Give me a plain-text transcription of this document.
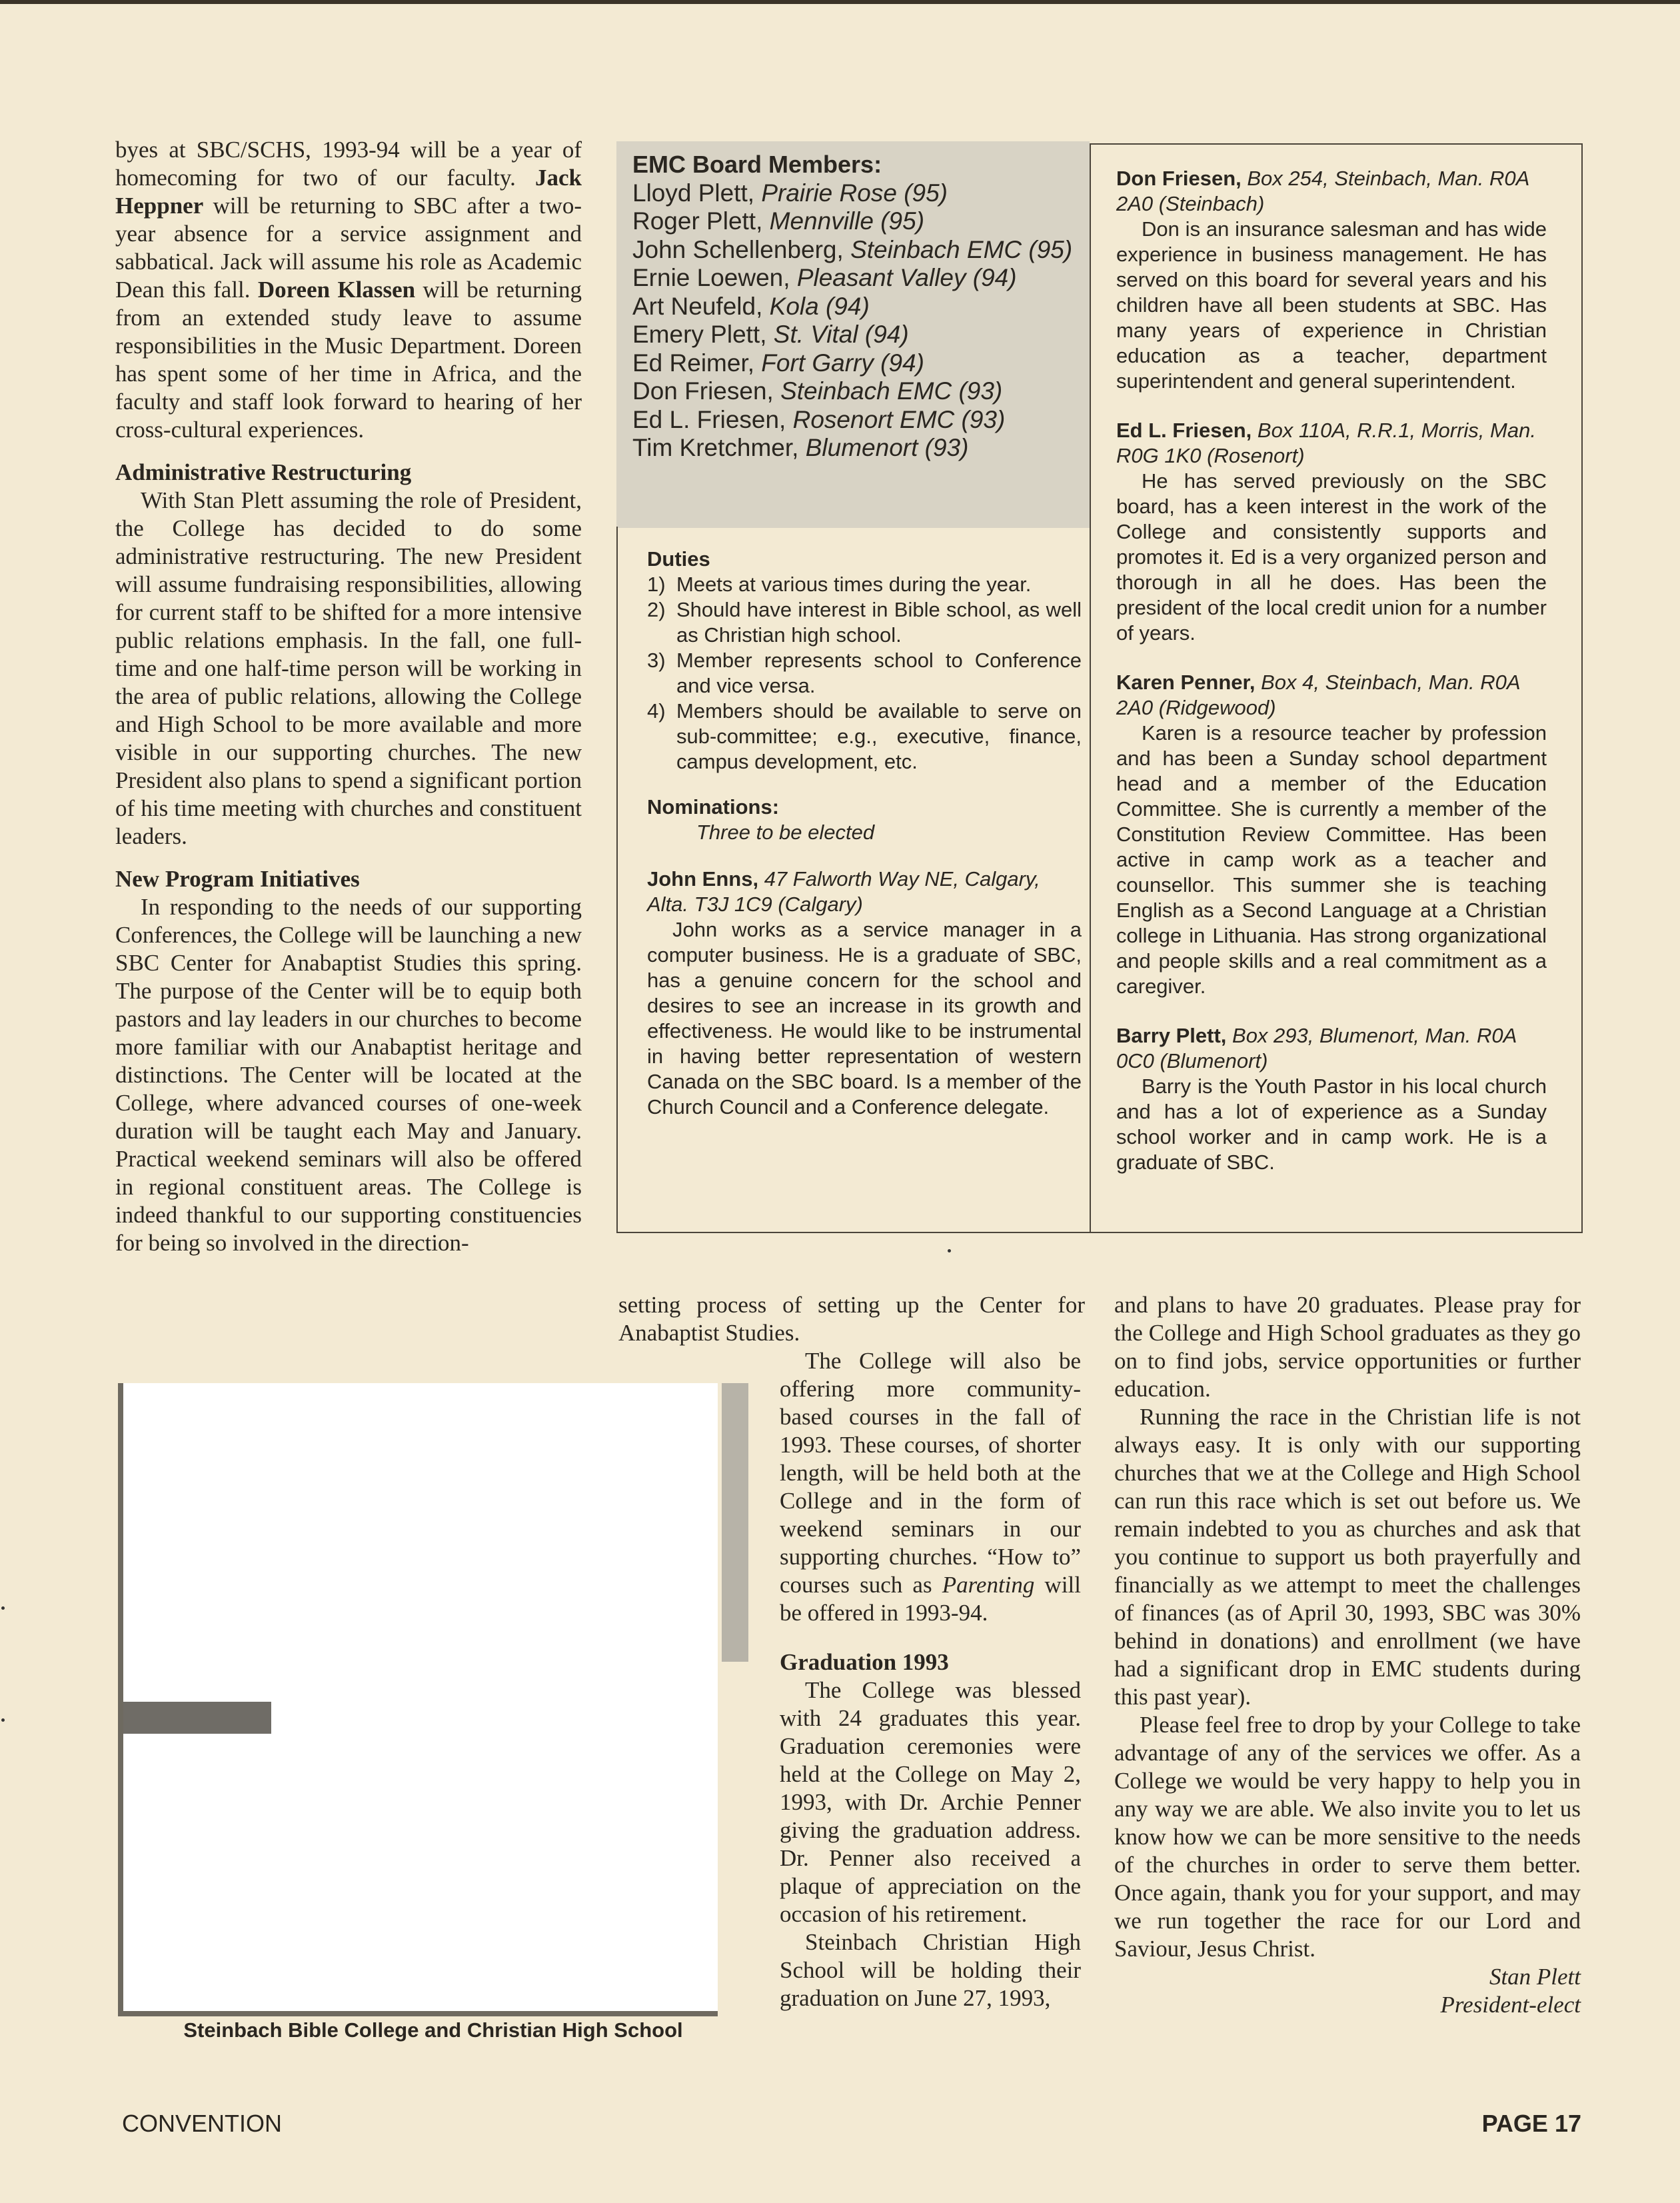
byes at SBC/SCHS, 1993-94 will be a year of homecoming for two of our faculty. Jack Heppner will be returning to SBC after a two-year absence for a service assignment and sabbatical. Jack will assume his role as Academic Dean this fall. Doreen Klassen will be returning from an extended study leave to assume responsibilities in the Music Department. Doreen has spent some of her time in Africa, and the faculty and staff look forward to hearing of her cross-cultural experiences.

Administrative Restructuring

With Stan Plett assuming the role of President, the College has decided to do some administrative restructuring. The new President will assume fundraising responsibilities, allowing for current staff to be shifted for a more intensive public relations emphasis. In the fall, one full-time and one half-time person will be working in the area of public relations, allowing the College and High School to be more available and more visible in our supporting churches. The new President also plans to spend a significant portion of his time meeting with churches and constituent leaders.

New Program Initiatives

In responding to the needs of our supporting Conferences, the College will be launching a new SBC Center for Anabaptist Studies this spring. The purpose of the Center will be to equip both pastors and lay leaders in our churches to become more familiar with our Anabaptist heritage and distinctions. The Center will be located at the College, where advanced courses of one-week duration will be taught each May and January. Practical weekend seminars will also be offered in regional constituent areas. The College is indeed thankful to our supporting constituencies for being so involved in the direction-

EMC Board Members:
Lloyd Plett, Prairie Rose (95)
Roger Plett, Mennville (95)
John Schellenberg, Steinbach EMC (95)
Ernie Loewen, Pleasant Valley (94)
Art Neufeld, Kola (94)
Emery Plett, St. Vital (94)
Ed Reimer, Fort Garry (94)
Don Friesen, Steinbach EMC (93)
Ed L. Friesen, Rosenort EMC (93)
Tim Kretchmer, Blumenort (93)
Duties
1) Meets at various times during the year.
2) Should have interest in Bible school, as well as Christian high school.
3) Member represents school to Conference and vice versa.
4) Members should be available to serve on sub-committee; e.g., executive, finance, campus development, etc.
Nominations:
Three to be elected
John Enns, 47 Falworth Way NE, Calgary, Alta. T3J 1C9 (Calgary)

John works as a service manager in a computer business. He is a graduate of SBC, has a genuine concern for the school and desires to see an increase in its growth and effectiveness. He would like to be instrumental in having better representation of western Canada on the SBC board. Is a member of the Church Council and a Conference delegate.

Don Friesen, Box 254, Steinbach, Man. R0A 2A0 (Steinbach)

Don is an insurance salesman and has wide experience in business management. He has served on this board for several years and his children have all been students at SBC. Has many years of experience in Christian education as a teacher, department superintendent and general superintendent.

Ed L. Friesen, Box 110A, R.R.1, Morris, Man. R0G 1K0 (Rosenort)

He has served previously on the SBC board, has a keen interest in the work of the College and consistently supports and promotes it. Ed is a very organized person and thorough in all he does. Has been the president of the local credit union for a number of years.

Karen Penner, Box 4, Steinbach, Man. R0A 2A0 (Ridgewood)

Karen is a resource teacher by profession and has been a Sunday school department head and a member of the Education Committee. She is currently a member of the Constitution Review Committee. Has been active in camp work as a teacher and counsellor. This summer she is teaching English as a Second Language at a Christian college in Lithuania. Has strong organizational and people skills and a real commitment as a caregiver.

Barry Plett, Box 293, Blumenort, Man. R0A 0C0 (Blumenort)

Barry is the Youth Pastor in his local church and has a lot of experience as a Sunday school worker and in camp work. He is a graduate of SBC.

setting process of setting up the Center for Anabaptist Studies.

The College will also be offering more community-based courses in the fall of 1993. These courses, of shorter length, will be held both at the College and in the form of weekend seminars in our supporting churches. “How to” courses such as Parenting will be offered in 1993-94.

Graduation 1993

The College was blessed with 24 graduates this year. Graduation ceremonies were held at the College on May 2, 1993, with Dr. Archie Penner giving the graduation address. Dr. Penner also received a plaque of appreciation on the occasion of his retirement.

Steinbach Christian High School will be holding their graduation on June 27, 1993,

and plans to have 20 graduates. Please pray for the College and High School graduates as they go on to find jobs, service opportunities or further education.

Running the race in the Christian life is not always easy. It is only with our supporting churches that we at the College and High School can run this race which is set out before us. We remain indebted to you as churches and ask that you continue to support us both prayerfully and financially as we attempt to meet the challenges of finances (as of April 30, 1993, SBC was 30% behind in donations) and enrollment (we have had a significant drop in EMC students during this past year).

Please feel free to drop by your College to take advantage of any of the services we offer. As a College we would be very happy to help you in any way we are able. We also invite you to let us know how we can be more sensitive to the needs of the churches in order to serve them better. Once again, thank you for your support, and may we run together the race for our Lord and Saviour, Jesus Christ.

Stan Plett

President-elect

Steinbach Bible College and Christian High School
CONVENTION	PAGE 17
